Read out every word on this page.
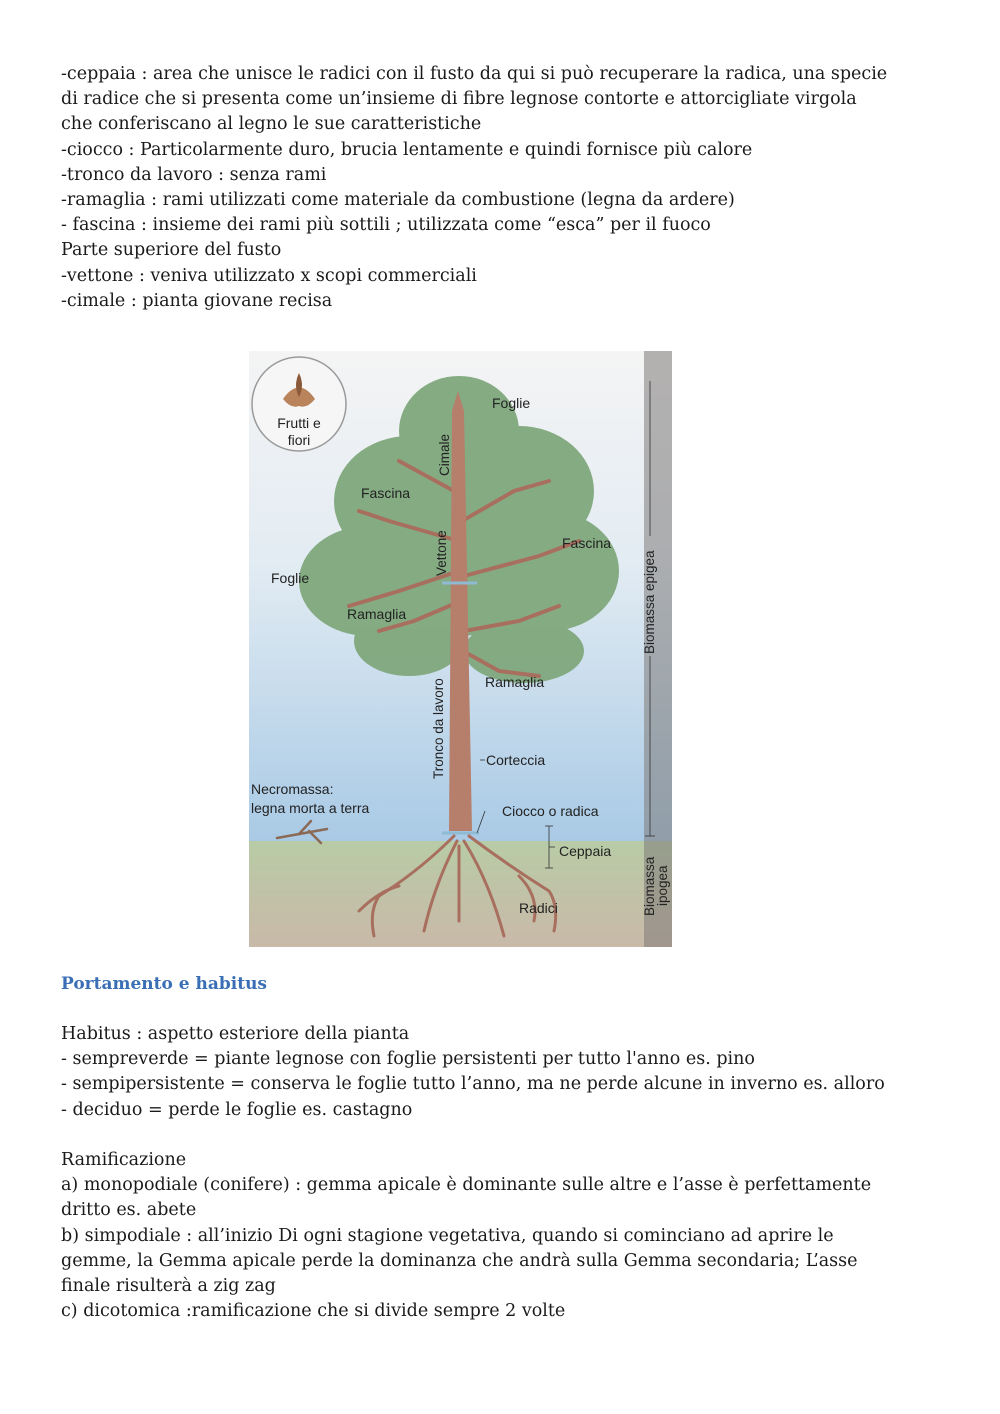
-ceppaia : area che unisce le radici con il fusto da qui si può recuperare la radica, una specie
di radice che si presenta come un’insieme di fibre legnose contorte e attorcigliate virgola
che conferiscano al legno le sue caratteristiche
-ciocco : Particolarmente duro, brucia lentamente e quindi fornisce più calore
-tronco da lavoro : senza rami
-ramaglia : rami utilizzati come materiale da combustione (legna da ardere)
- fascina : insieme dei rami più sottili ; utilizzata come “esca” per il fuoco
Parte superiore del fusto
-vettone : veniva utilizzato x scopi commerciali
-cimale : pianta giovane recisa
Frutti e
fiori
Foglie
Cimale
Fascina
Fascina
Vettone
Foglie
Ramaglia
Ramaglia
Tronco da lavoro	Corteccia
Necromassa:
legna morta a terra	Ciocco o radica
Ceppaia
Radici
Biomassa epigea
Biomassa
ipogea
Portamento e habitus
Habitus : aspetto esteriore della pianta
- sempreverde = piante legnose con foglie persistenti per tutto l'anno es. pino
- sempipersistente = conserva le foglie tutto l’anno, ma ne perde alcune in inverno es. alloro
- deciduo = perde le foglie es. castagno
Ramificazione
a) monopodiale (conifere) : gemma apicale è dominante sulle altre e l’asse è perfettamente
dritto es. abete
b) simpodiale : all’inizio Di ogni stagione vegetativa, quando si cominciano ad aprire le
gemme, la Gemma apicale perde la dominanza che andrà sulla Gemma secondaria; L’asse
finale risulterà a zig zag
c) dicotomica :ramificazione che si divide sempre 2 volte
